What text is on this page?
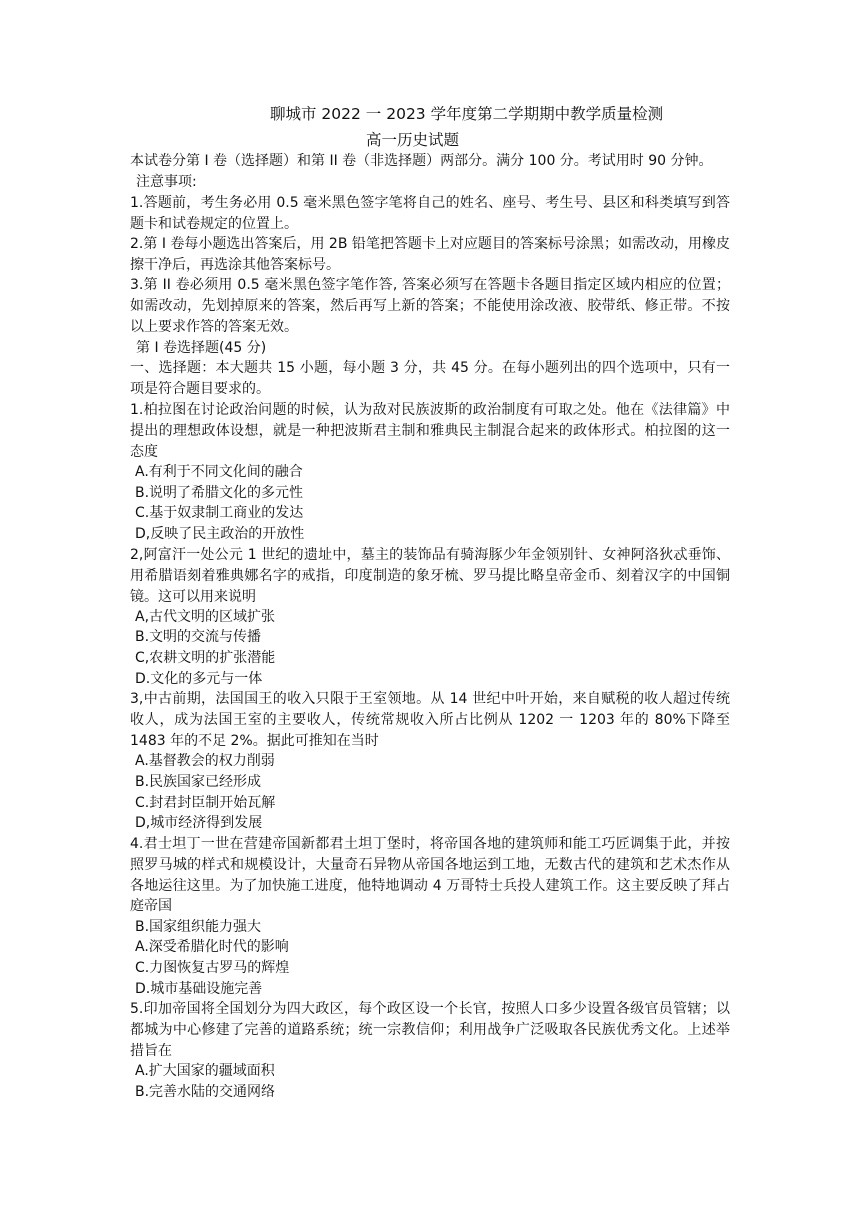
聊城市 2022 一 2023 学年度第二学期期中教学质量检测
高一历史试题
本试卷分第 I 卷（选择题）和第 II 卷（非选择题）两部分。满分 100 分。考试用时 90 分钟。
注意事项:
1.答题前，考生务必用 0.5 毫米黑色签字笔将自己的姓名、座号、考生号、县区和科类填写到答题卡和试卷规定的位置上。
2.第 I 卷每小题选出答案后，用 2B 铅笔把答题卡上对应题目的答案标号涂黑；如需改动，用橡皮擦干净后，再选涂其他答案标号。
3.第 II 卷必须用 0.5 毫米黑色签字笔作答, 答案必须写在答题卡各题目指定区域内相应的位置；如需改动，先划掉原来的答案，然后再写上新的答案；不能使用涂改液、胶带纸、修正带。不按以上要求作答的答案无效。
第 I 卷选择题(45 分)
一、选择题：本大题共 15 小题，每小题 3 分，共 45 分。在每小题列出的四个选项中，只有一项是符合题目要求的。
1.柏拉图在讨论政治问题的时候，认为敌对民族波斯的政治制度有可取之处。他在《法律篇》中提出的理想政体设想，就是一种把波斯君主制和雅典民主制混合起来的政体形式。柏拉图的这一态度
A.有利于不同文化间的融合
B.说明了希腊文化的多元性
C.基于奴隶制工商业的发达
D,反映了民主政治的开放性
2,阿富汗一处公元 1 世纪的遗址中，墓主的装饰品有骑海豚少年金领别针、女神阿洛狄忒垂饰、用希腊语刻着雅典娜名字的戒指，印度制造的象牙梳、罗马提比略皇帝金币、刻着汉字的中国铜镜。这可以用来说明
A,古代文明的区域扩张
B.文明的交流与传播
C,农耕文明的扩张潜能
D.文化的多元与一体
3,中古前期，法国国王的收入只限于王室领地。从 14 世纪中叶开始，来自赋税的收人超过传统收人，成为法国王室的主要收人，传统常规收入所占比例从 1202 一 1203 年的 80%下降至 1483 年的不足 2%。据此可推知在当时
A.基督教会的权力削弱
B.民族国家已经形成
C.封君封臣制开始瓦解
D,城市经济得到发展
4.君士坦丁一世在营建帝国新都君土坦丁堡时，将帝国各地的建筑师和能工巧匠调集于此，并按照罗马城的样式和规模设计，大量奇石异物从帝国各地运到工地，无数古代的建筑和艺术杰作从各地运往这里。为了加快施工进度，他特地调动 4 万哥特士兵投人建筑工作。这主要反映了拜占庭帝国
B.国家组织能力强大
A.深受希腊化时代的影响
C.力图恢复古罗马的辉煌
D.城市基础设施完善
5.印加帝国将全国划分为四大政区，每个政区设一个长官，按照人口多少设置各级官员管辖；以都城为中心修建了完善的道路系统；统一宗教信仰；利用战争广泛吸取各民族优秀文化。上述举措旨在
A.扩大国家的疆域面积
B.完善水陆的交通网络
